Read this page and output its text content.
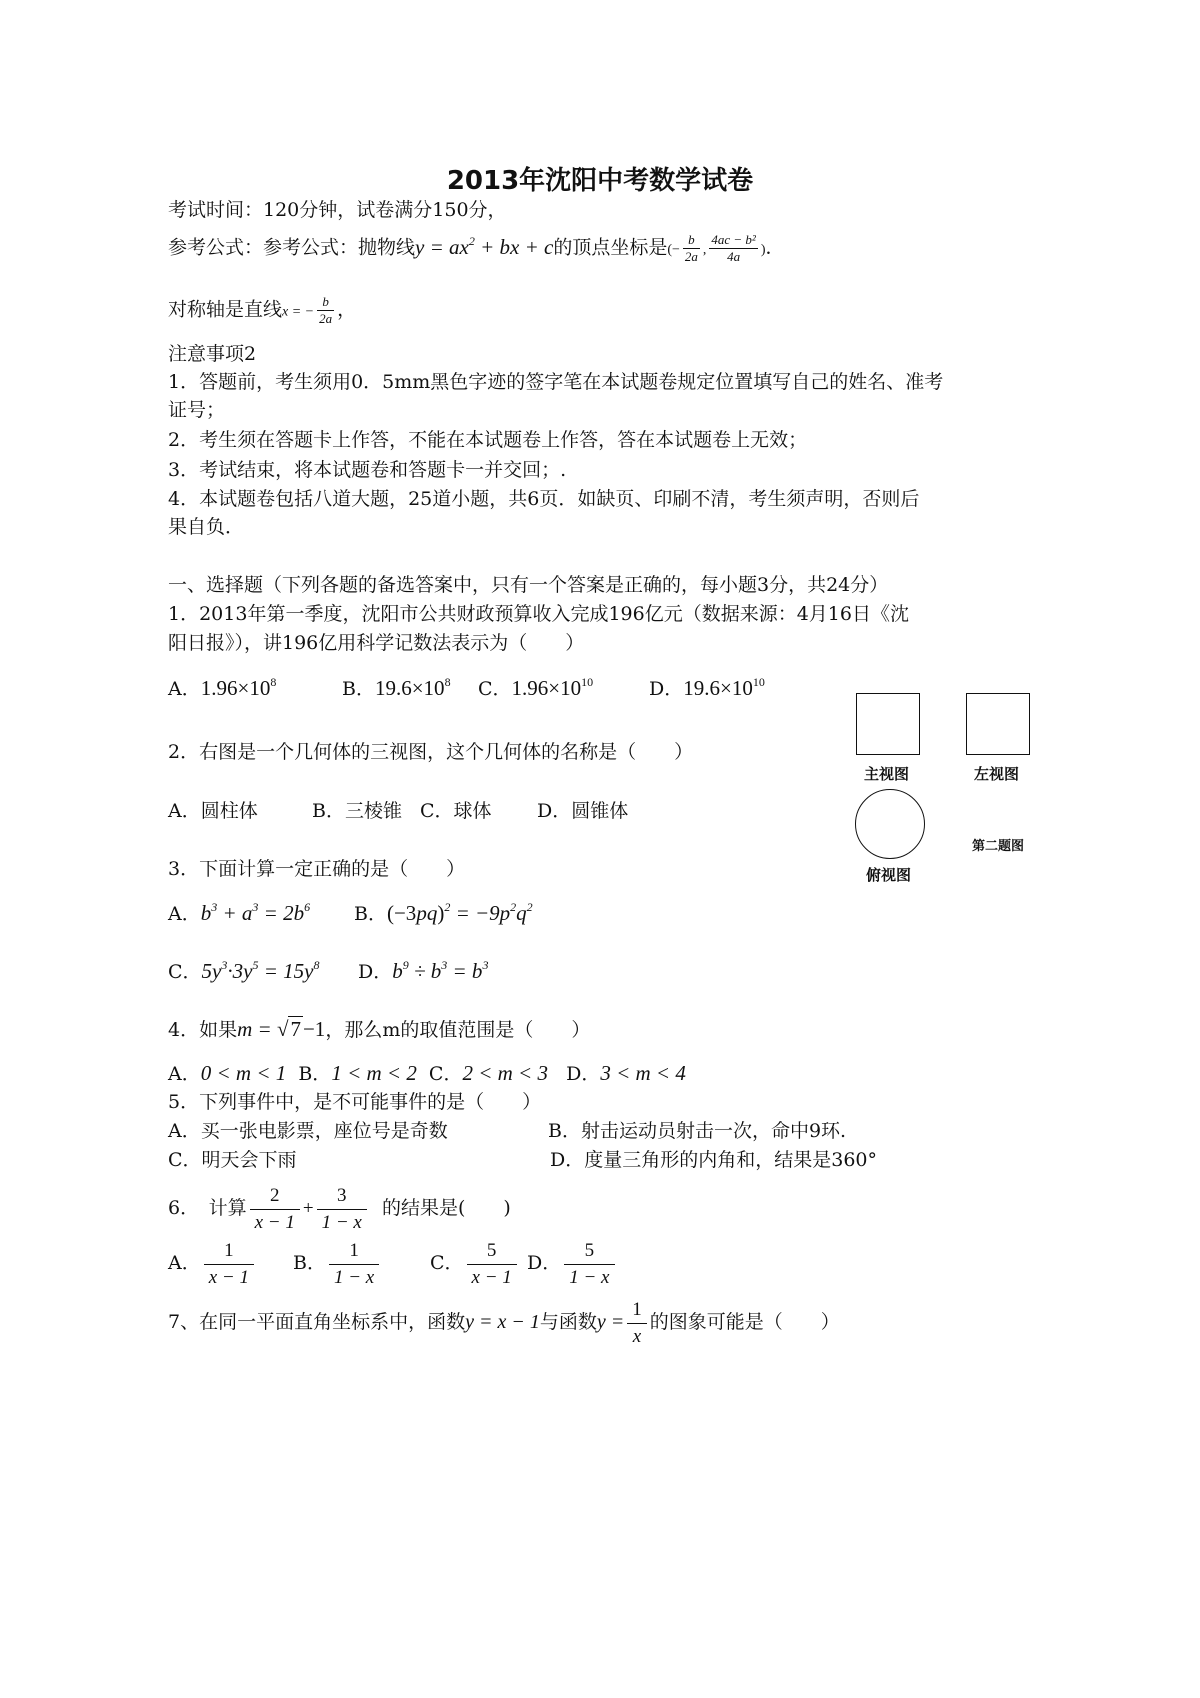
2013年沈阳中考数学试卷
考试时间：120分钟，试卷满分150分，
参考公式：参考公式：抛物线$y = ax^2$ + bx + c的顶点坐标是(− $\frac{b}{2a}$ , $\frac{\text{4ac − b²}}{4a}$ )．
对称轴是直线x = − $\frac{b}{2a}$ ，
注意事项2
1．答题前，考生须用0．5mm黑色字迹的签字笔在本试题卷规定位置填写自己的姓名、准考
证号；
2．考生须在答题卡上作答，不能在本试题卷上作答，答在本试题卷上无效；
3．考试结束，将本试题卷和答题卡一并交回；.
4．本试题卷包括八道大题，25道小题，共6页．如缺页、印刷不清，考生须声明，否则后
果自负．
一、选择题（下列各题的备选答案中，只有一个答案是正确的，每小题3分，共24分）
1．2013年第一季度，沈阳市公共财政预算收入完成196亿元（数据来源：4月16日《沈
阳日报》），讲196亿用科学记数法表示为（　　）
A．$1.96\times 10^8$	B．$19.6\times 10^8$ C．$1.96\times 10^{10}$	D．$19.6\times 10^{10}$
主视图	左视图
俯视图
第二题图
2．右图是一个几何体的三视图，这个几何体的名称是（　　）
A．圆柱体	B．三棱锥 C．球体 D．圆锥体
3．下面计算一定正确的是（　　）
A．$b^3 + a^3 = 2b^6$ B．$(-3pq)^2 = -9p^2q^2$
C．$5y^3\cdot 3y^5 = 15y^8$ D．$b^9 \div b^3 = b^3$
4．如果m = √7−1，那么m的取值范围是（　　）
A．0 < m < 1 B．1 < m < 2 C．2 < m < 3 D．3 < m < 4
5．下列事件中，是不可能事件的是（　　）
A．买一张电影票，座位号是奇数	B．射击运动员射击一次，命中9环.
C．明天会下雨	D．度量三角形的内角和，结果是360°
6．　计算 $\frac{2}{x - 1} + \frac{3}{1 - x}$ 的结果是(　　)
A． $\frac{1}{x - 1}$ B． $\frac{1}{1 - x}$	C． $\frac{5}{x - 1}$ D． $\frac{5}{1 - x}$
7、在同一平面直角坐标系中，函数y = x − 1与函数$y = \frac{1}{x}$ 的图象可能是（　　）
